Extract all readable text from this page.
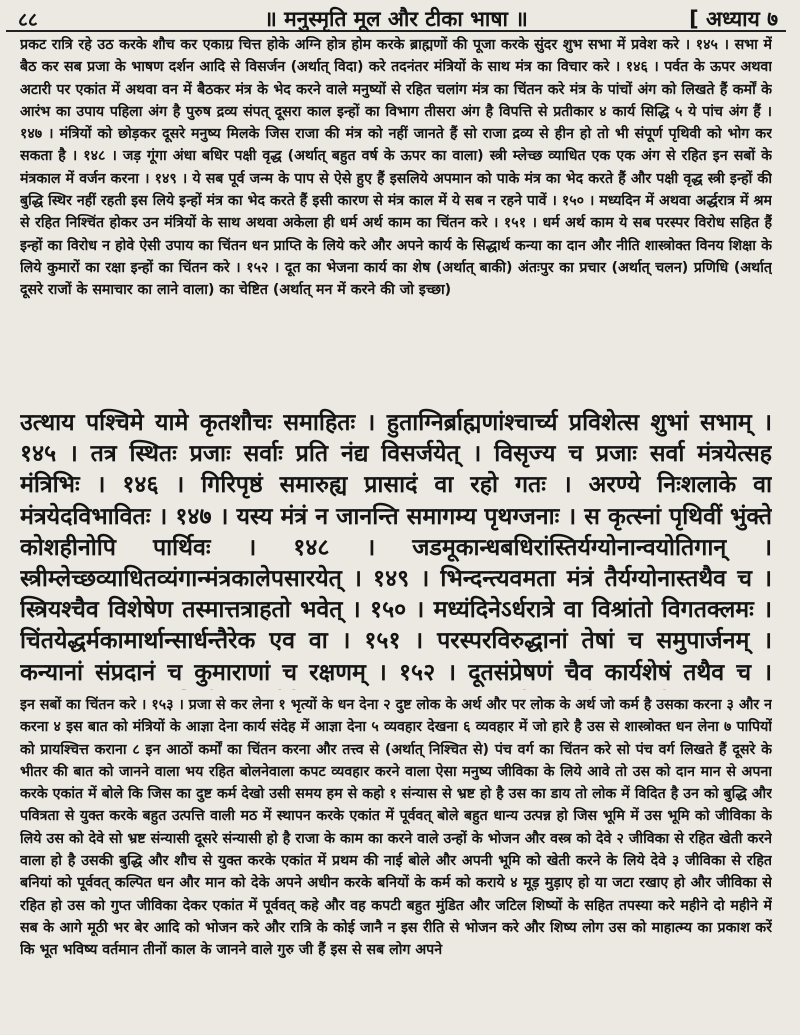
८८	॥ मनुस्मृति मूल और टीका भाषा ॥	[ अध्याय ७

प्रकट रात्रि रहे उठ करके शौच कर एकाग्र चित्त होके अग्नि होत्र होम करके ब्राह्मणों की पूजा करके सुंदर शुभ सभा में प्रवेश करे । १४५ । सभा में बैठ कर सब प्रजा के भाषण दर्शन आदि से विसर्जन (अर्थात् विदा) करे तदनंतर मंत्रियों के साथ मंत्र का विचार करे । १४६ । पर्वत के ऊपर अथवा अटारी पर एकांत में अथवा वन में बैठकर मंत्र के भेद करने वाले मनुष्यों से रहित चलांग मंत्र का चिंतन करे मंत्र के पांचों अंग को लिखते हैं कर्मों के आरंभ का उपाय पहिला अंग है पुरुष द्रव्य संपत् दूसरा काल इन्हों का विभाग तीसरा अंग है विपत्ति से प्रतीकार ४ कार्य सिद्धि ५ ये पांच अंग हैं । १४७ । मंत्रियों को छोड़कर दूसरे मनुष्य मिलके जिस राजा की मंत्र को नहीं जानते हैं सो राजा द्रव्य से हीन हो तो भी संपूर्ण पृथिवी को भोग कर सकता है । १४८ । जड़ गूंगा अंधा बधिर पक्षी वृद्ध (अर्थात् बहुत वर्ष के ऊपर का वाला) स्त्री म्लेच्छ व्याधित एक एक अंग से रहित इन सबों के मंत्रकाल में वर्जन करना । १४९ । ये सब पूर्व जन्म के पाप से ऐसे हुए हैं इसलिये अपमान को पाके मंत्र का भेद करते हैं और पक्षी वृद्ध स्त्री इन्हों की बुद्धि स्थिर नहीं रहती इस लिये इन्हों मंत्र का भेद करते हैं इसी कारण से मंत्र काल में ये सब न रहने पावें । १५० । मध्यदिन में अथवा अर्द्धरात्र में श्रम से रहित निश्चिंत होकर उन मंत्रियों के साथ अथवा अकेला ही धर्म अर्थ काम का चिंतन करे । १५१ । धर्म अर्थ काम ये सब परस्पर विरोध सहित हैं इन्हों का विरोध न होवे ऐसी उपाय का चिंतन धन प्राप्ति के लिये करे और अपने कार्य के सिद्धार्थ कन्या का दान और नीति शास्त्रोक्त विनय शिक्षा के लिये कुमारों का रक्षा इन्हों का चिंतन करे । १५२ । दूत का भेजना कार्य का शेष (अर्थात् बाकी) अंतःपुर का प्रचार (अर्थात् चलन) प्रणिधि (अर्थात् दूसरे राजों के समाचार का लाने वाला) का चेष्टित (अर्थात् मन में करने की जो इच्छा)

उत्थाय पश्चिमे यामे कृतशौचः समाहितः । हुताग्निर्ब्राह्मणांश्चार्च्य प्रविशेत्स शुभां सभाम् । १४५ । तत्र स्थितः प्रजाः सर्वाः प्रति नंद्य विसर्जयेत् । विसृज्य च प्रजाः सर्वा मंत्रयेत्सह मंत्रिभिः । १४६ । गिरिपृष्ठं समारुह्य प्रासादं वा रहो गतः । अरण्ये निःशलाके वा मंत्रयेदविभावितः । १४७ । यस्य मंत्रं न जानन्ति समागम्य पृथग्जनाः । स कृत्स्नां पृथिवीं भुंक्ते कोशहीनोपि पार्थिवः । १४८ । जडमूकान्धबधिरांस्तिर्यग्योनान्वयोतिगान् । स्त्रीम्लेच्छव्याधितव्यंगान्मंत्रकालेपसारयेत् । १४९ । भिन्दन्त्यवमता मंत्रं तैर्यग्योनास्तथैव च । स्त्रियश्चैव विशेषेण तस्मात्तत्राहतो भवेत् । १५० । मध्यंदिनेऽर्धरात्रे वा विश्रांतो विगतक्लमः । चिंतयेद्धर्मकामार्थान्सार्धन्तैरेक एव वा । १५१ । परस्परविरुद्धानां तेषां च समुपार्जनम् । कन्यानां संप्रदानं च कुमाराणां च रक्षणम् । १५२ । दूतसंप्रेषणं चैव कार्यशेषं तथैव च ।

इन सबों का चिंतन करे । १५३ । प्रजा से कर लेना १ भृत्यों के धन देना २ दुष्ट लोक के अर्थ और पर लोक के अर्थ जो कर्म है उसका करना ३ और न करना ४ इस बात को मंत्रियों के आज्ञा देना कार्य संदेह में आज्ञा देना ५ व्यवहार देखना ६ व्यवहार में जो हारे है उस से शास्त्रोक्त धन लेना ७ पापियों को प्रायश्चित्त कराना ८ इन आठों कर्मों का चिंतन करना और तत्त्व से (अर्थात् निश्चित से) पंच वर्ग का चिंतन करे सो पंच वर्ग लिखते हैं दूसरे के भीतर की बात को जानने वाला भय रहित बोलनेवाला कपट व्यवहार करने वाला ऐसा मनुष्य जीविका के लिये आवे तो उस को दान मान से अपना करके एकांत में बोले कि जिस का दुष्ट कर्म देखो उसी समय हम से कहो १ संन्यास से भ्रष्ट हो है उस का डाय तो लोक में विदित है उन को बुद्धि और पवित्रता से युक्त करके बहुत उत्पत्ति वाली मठ में स्थापन करके एकांत में पूर्ववत् बोले बहुत धान्य उत्पन्न हो जिस भूमि में उस भूमि को जीविका के लिये उस को देवे सो भ्रष्ट संन्यासी दूसरे संन्यासी हो है राजा के काम का करने वाले उन्हों के भोजन और वस्त्र को देवे २ जीविका से रहित खेती करने वाला हो है उसकी बुद्धि और शौच से युक्त करके एकांत में प्रथम की नाई बोले और अपनी भूमि को खेती करने के लिये देवे ३ जीविका से रहित बनियां को पूर्ववत् कल्पित धन और मान को देके अपने अधीन करके बनियों के कर्म को कराये ४ मूड़ मुड़ाए हो या जटा रखाए हो और जीविका से रहित हो उस को गुप्त जीविका देकर एकांत में पूर्ववत् कहे और वह कपटी बहुत मुंडित और जटिल शिष्यों के सहित तपस्या करे महीने दो महीने में सब के आगे मूठी भर बेर आदि को भोजन करे और रात्रि के कोई जानै न इस रीति से भोजन करे और शिष्य लोग उस को माहात्म्य का प्रकाश करें कि भूत भविष्य वर्तमान तीनों काल के जानने वाले गुरु जी हैं इस से सब लोग अपने
